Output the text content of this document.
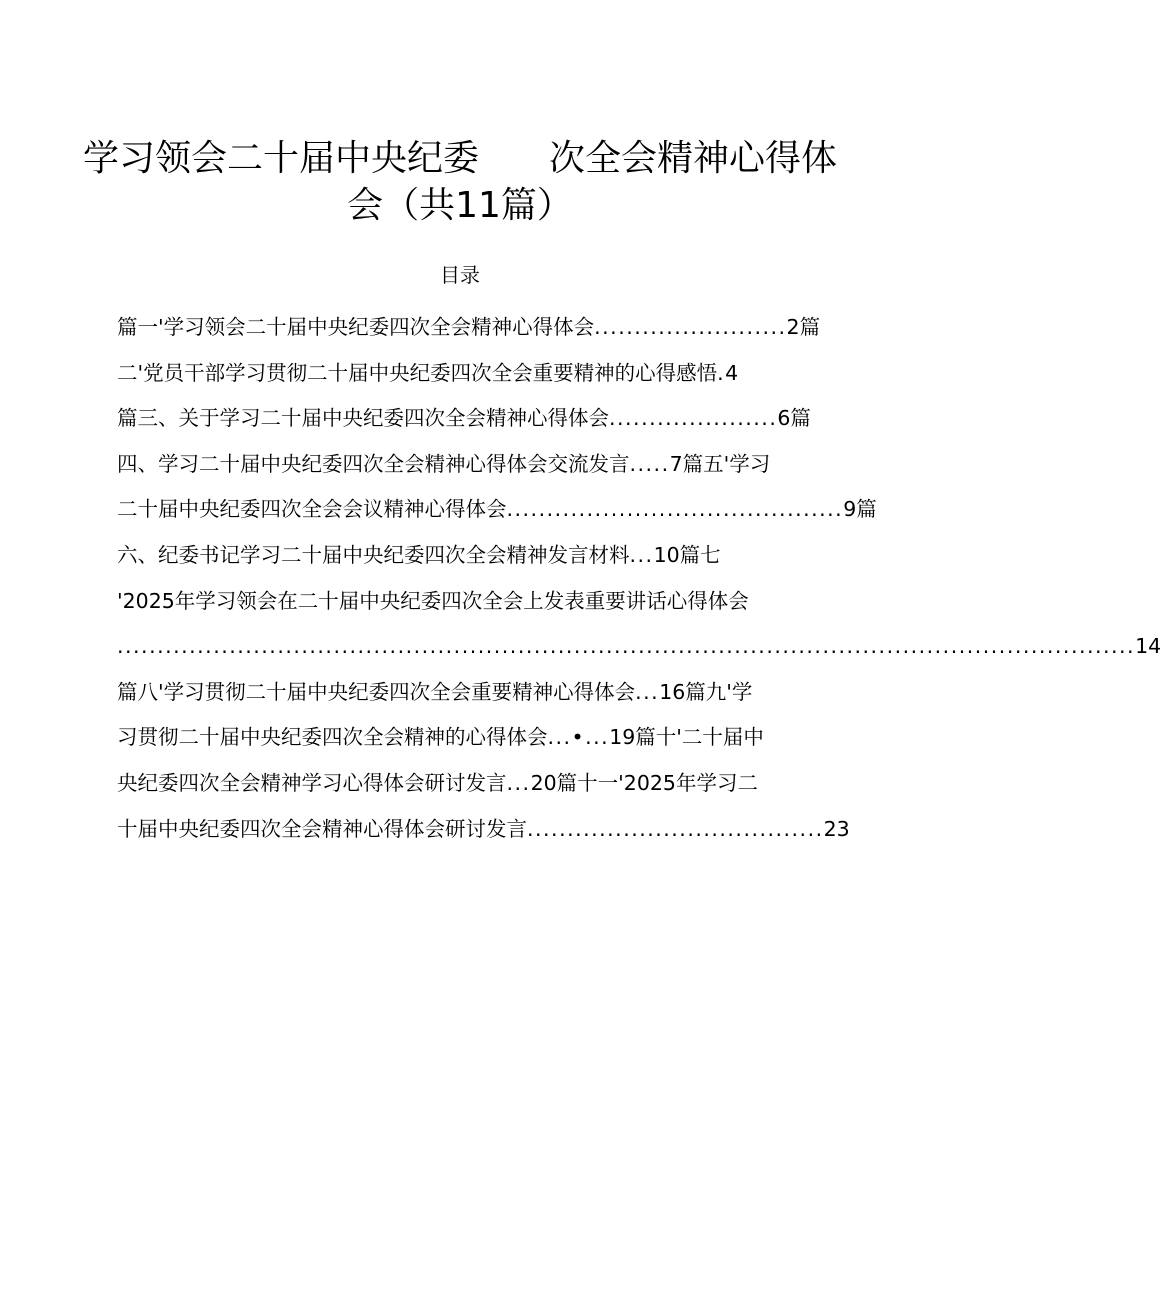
学习领会二十届中央纪委 次全会精神心得体
会（共11篇）
目录
篇一'学习领会二十届中央纪委四次全会精神心得体会........................2篇
二'党员干部学习贯彻二十届中央纪委四次全会重要精神的心得感悟.4
篇三、关于学习二十届中央纪委四次全会精神心得体会.....................6篇
四、学习二十届中央纪委四次全会精神心得体会交流发言.....7篇五'学习
二十届中央纪委四次全会会议精神心得体会..........................................9篇
六、纪委书记学习二十届中央纪委四次全会精神发言材料...10篇七
'2025年学习领会在二十届中央纪委四次全会上发表重要讲话心得体会
...............................................................................................................................14
篇八'学习贯彻二十届中央纪委四次全会重要精神心得体会...16篇九'学
习贯彻二十届中央纪委四次全会精神的心得体会...•...19篇十'二十届中
央纪委四次全会精神学习心得体会研讨发言...20篇十一'2025年学习二
十届中央纪委四次全会精神心得体会研讨发言.....................................23
